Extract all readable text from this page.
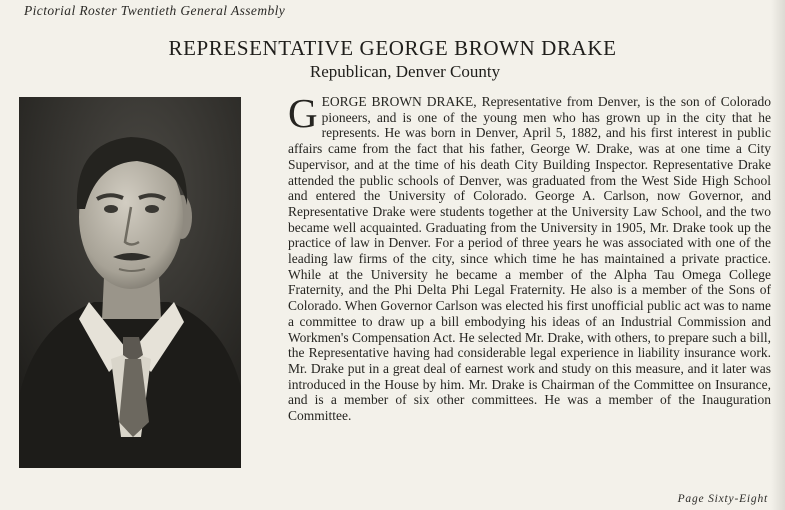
Pictorial Roster Twentieth General Assembly
REPRESENTATIVE GEORGE BROWN DRAKE
Republican, Denver County

GEORGE BROWN DRAKE, Representative from Denver, is the son of Colorado pioneers, and is one of the young men who has grown up in the city that he represents. He was born in Denver, April 5, 1882, and his first interest in public affairs came from the fact that his father, George W. Drake, was at one time a City Supervisor, and at the time of his death City Building Inspector. Representative Drake attended the public schools of Denver, was graduated from the West Side High School and entered the University of Colorado. George A. Carlson, now Governor, and Representative Drake were students together at the University Law School, and the two became well acquainted. Graduating from the University in 1905, Mr. Drake took up the practice of law in Denver. For a period of three years he was associated with one of the leading law firms of the city, since which time he has maintained a private practice. While at the University he became a member of the Alpha Tau Omega College Fraternity, and the Phi Delta Phi Legal Fraternity. He also is a member of the Sons of Colorado. When Governor Carlson was elected his first unofficial public act was to name a committee to draw up a bill embodying his ideas of an Industrial Commission and Workmen's Compensation Act. He selected Mr. Drake, with others, to prepare such a bill, the Representative having had considerable legal experience in liability insurance work. Mr. Drake put in a great deal of earnest work and study on this measure, and it later was introduced in the House by him. Mr. Drake is Chairman of the Committee on Insurance, and is a member of six other committees. He was a member of the Inauguration Committee.

Page Sixty-Eight
